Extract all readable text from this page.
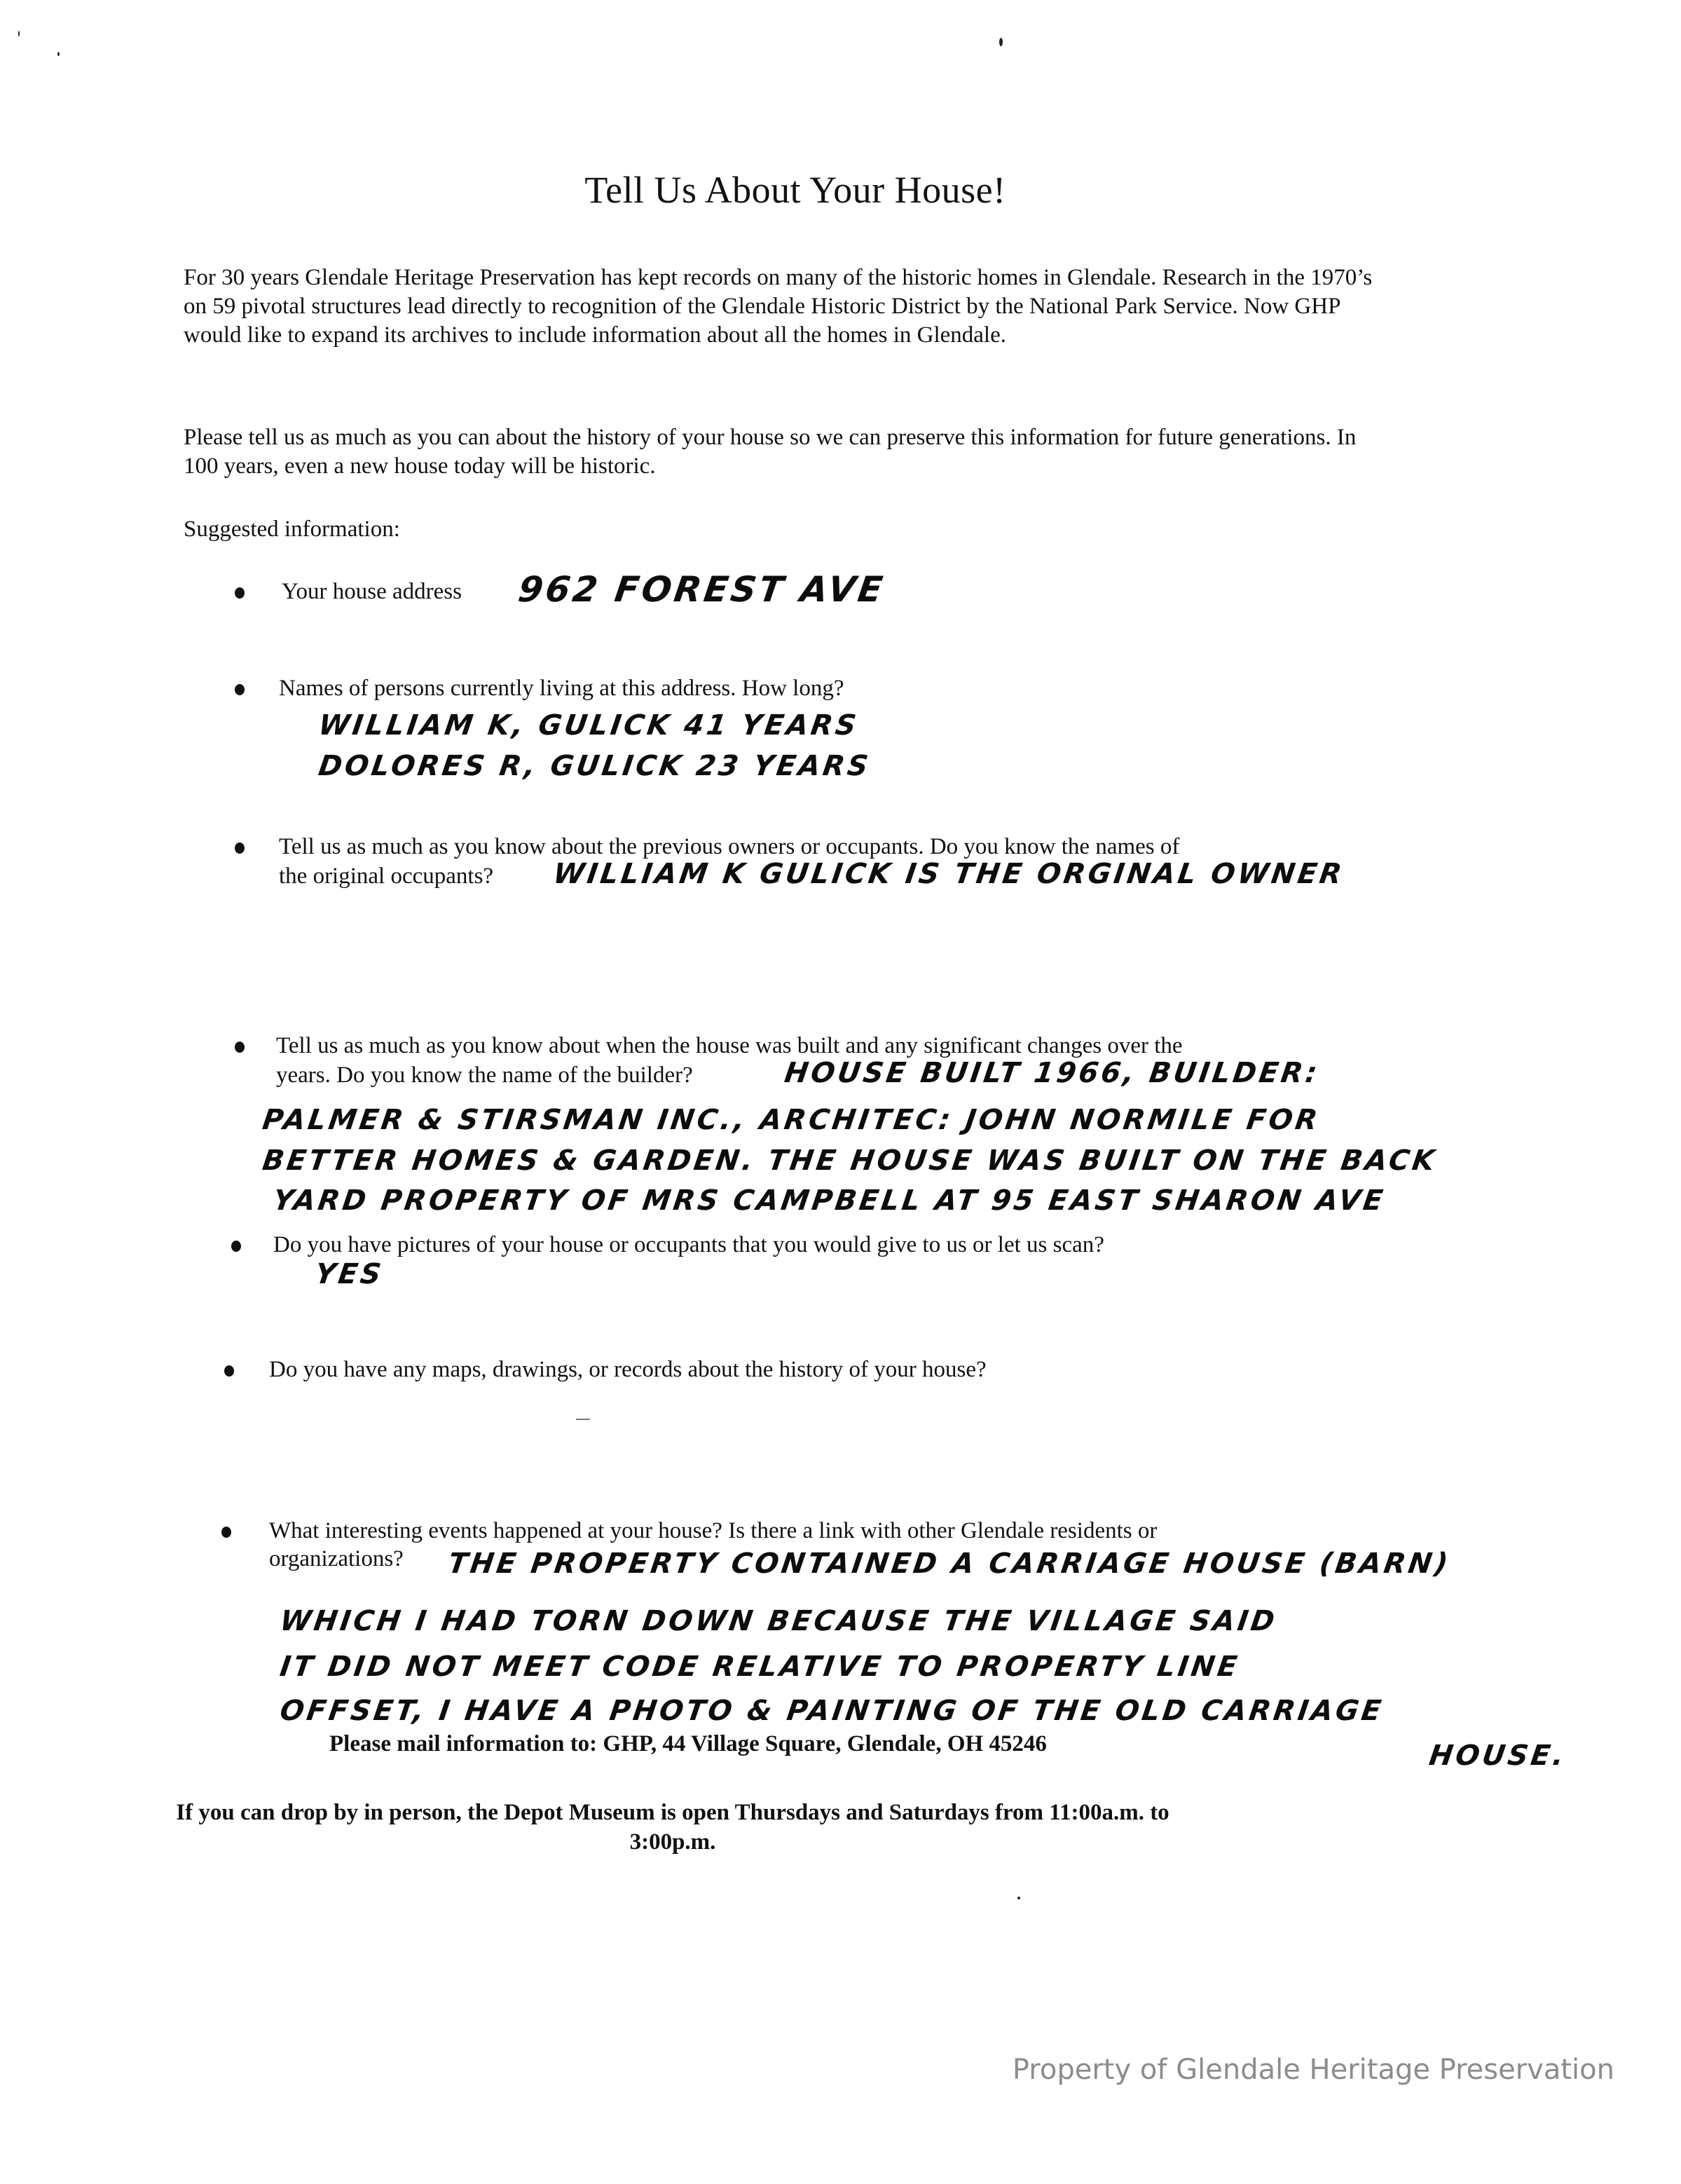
Tell Us About Your House!

For 30 years Glendale Heritage Preservation has kept records on many of the historic homes in Glendale. Research in the 1970’s on 59 pivotal structures lead directly to recognition of the Glendale Historic District by the National Park Service. Now GHP would like to expand its archives to include information about all the homes in Glendale.

Please tell us as much as you can about the history of your house so we can preserve this information for future generations. In 100 years, even a new house today will be historic.

Suggested information:
Your house address 962 FOREST AVE
Names of persons currently living at this address. How long?
WILLIAM K, GULICK 41 YEARS
DOLORES R, GULICK 23 YEARS
Tell us as much as you know about the previous owners or occupants. Do you know the names of
the original occupants? WILLIAM K GULICK IS THE ORGINAL OWNER
Tell us as much as you know about when the house was built and any significant changes over the
years. Do you know the name of the builder?	HOUSE BUILT 1966, BUILDER:
PALMER & STIRSMAN INC., ARCHITEC: JOHN NORMILE FOR
BETTER HOMES & GARDEN. THE HOUSE WAS BUILT ON THE BACK
YARD PROPERTY OF MRS CAMPBELL AT 95 EAST SHARON AVE
Do you have pictures of your house or occupants that you would give to us or let us scan?
YES
Do you have any maps, drawings, or records about the history of your house?
What interesting events happened at your house? Is there a link with other Glendale residents or
organizations? THE PROPERTY CONTAINED A CARRIAGE HOUSE (BARN)
WHICH I HAD TORN DOWN BECAUSE THE VILLAGE SAID
IT DID NOT MEET CODE RELATIVE TO PROPERTY LINE
OFFSET, I HAVE A PHOTO & PAINTING OF THE OLD CARRIAGE
HOUSE.
Please mail information to: GHP, 44 Village Square, Glendale, OH 45246
If you can drop by in person, the Depot Museum is open Thursdays and Saturdays from 11:00a.m. to
3:00p.m.
Property of Glendale Heritage Preservation
